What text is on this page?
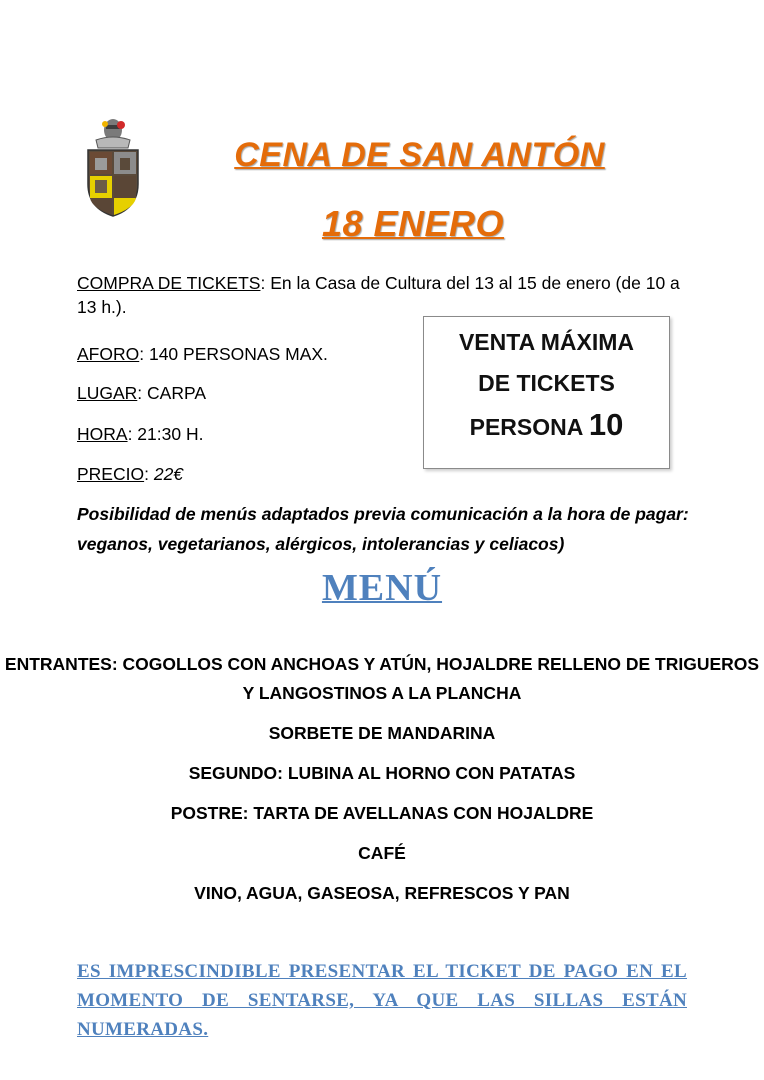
CENA DE SAN ANTÓN
18 ENERO
COMPRA DE TICKETS: En la Casa de Cultura del 13 al 15 de enero (de 10 a 13 h.).
AFORO: 140 PERSONAS MAX.
LUGAR: CARPA
HORA: 21:30 H.
PRECIO: 22€
Posibilidad de menús adaptados previa comunicación a la hora de pagar: veganos, vegetarianos, alérgicos, intolerancias y celiacos)
VENTA MÁXIMA
DE TICKETS
PERSONA 10
MENÚ
ENTRANTES: COGOLLOS CON ANCHOAS Y ATÚN, HOJALDRE RELLENO DE TRIGUEROS Y LANGOSTINOS A LA PLANCHA
SORBETE DE MANDARINA
SEGUNDO: LUBINA AL HORNO CON PATATAS
POSTRE: TARTA DE AVELLANAS CON HOJALDRE
CAFÉ
VINO, AGUA, GASEOSA, REFRESCOS Y PAN
ES IMPRESCINDIBLE PRESENTAR EL TICKET DE PAGO EN EL MOMENTO DE SENTARSE, YA QUE LAS SILLAS ESTÁN NUMERADAS.
